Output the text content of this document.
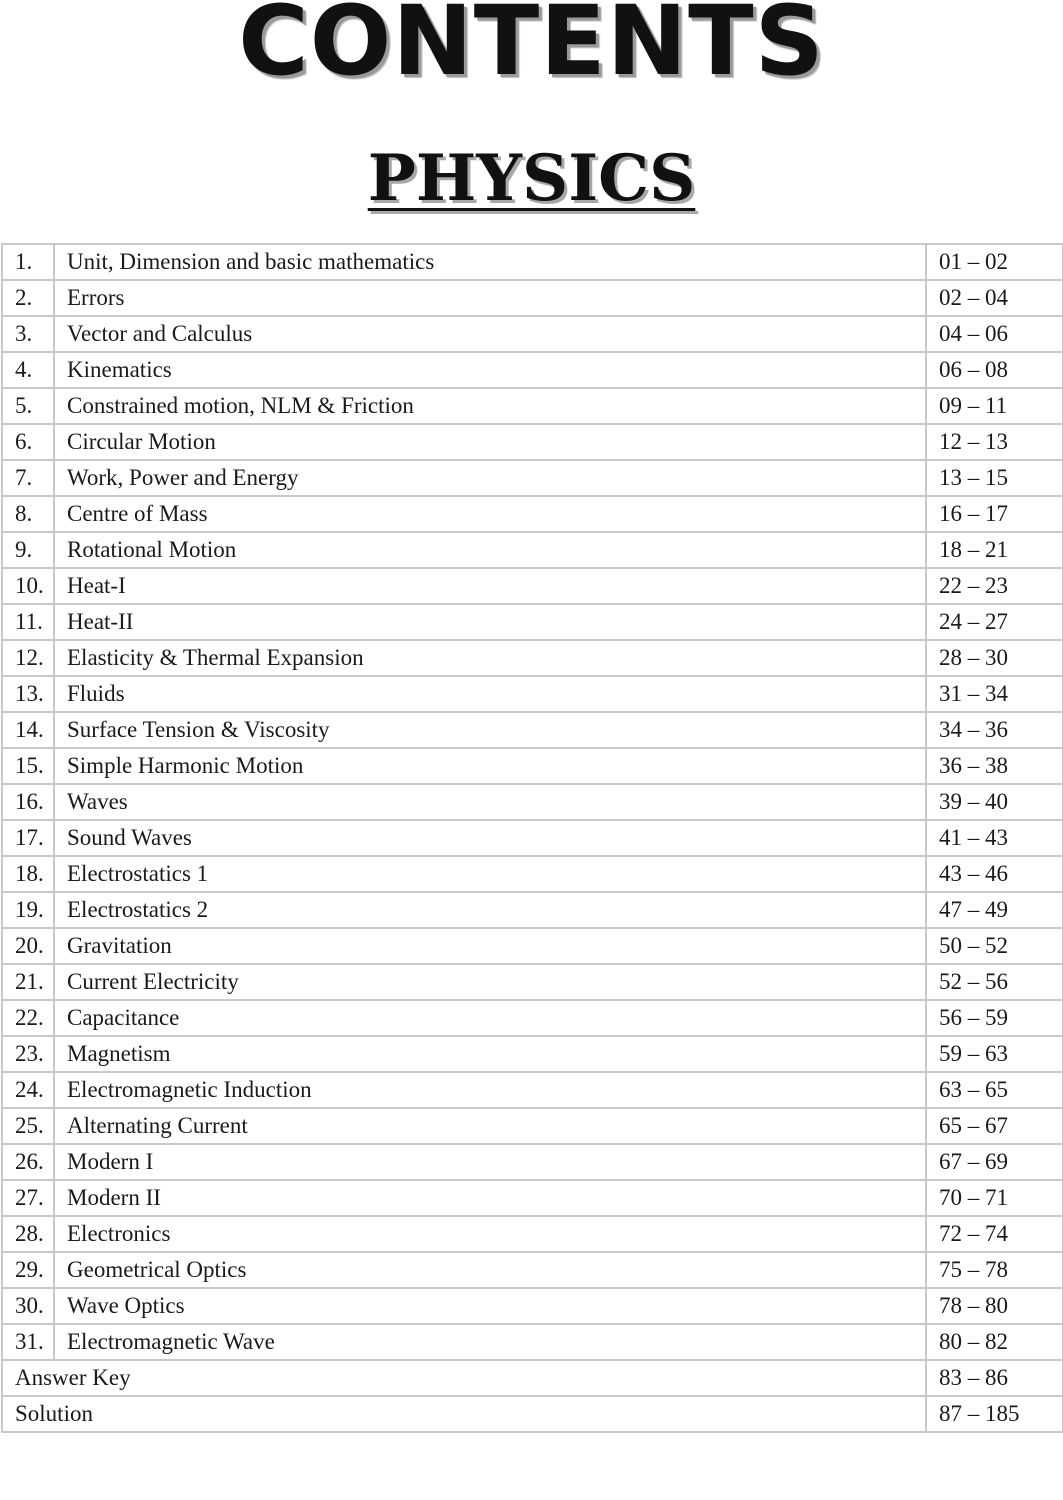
CONTENTS
PHYSICS
1.	Unit, Dimension and basic mathematics	01 – 02
2.	Errors	02 – 04
3.	Vector and Calculus	04 – 06
4.	Kinematics	06 – 08
5.	Constrained motion, NLM & Friction	09 – 11
6.	Circular Motion	12 – 13
7.	Work, Power and Energy	13 – 15
8.	Centre of Mass	16 – 17
9.	Rotational Motion	18 – 21
10.	Heat-I	22 – 23
11.	Heat-II	24 – 27
12.	Elasticity & Thermal Expansion	28 – 30
13.	Fluids	31 – 34
14.	Surface Tension & Viscosity	34 – 36
15.	Simple Harmonic Motion	36 – 38
16.	Waves	39 – 40
17.	Sound Waves	41 – 43
18.	Electrostatics 1	43 – 46
19.	Electrostatics 2	47 – 49
20.	Gravitation	50 – 52
21.	Current Electricity	52 – 56
22.	Capacitance	56 – 59
23.	Magnetism	59 – 63
24.	Electromagnetic Induction	63 – 65
25.	Alternating Current	65 – 67
26.	Modern I	67 – 69
27.	Modern II	70 – 71
28.	Electronics	72 – 74
29.	Geometrical Optics	75 – 78
30.	Wave Optics	78 – 80
31.	Electromagnetic Wave	80 – 82
Answer Key		83 – 86
Solution		87 – 185
